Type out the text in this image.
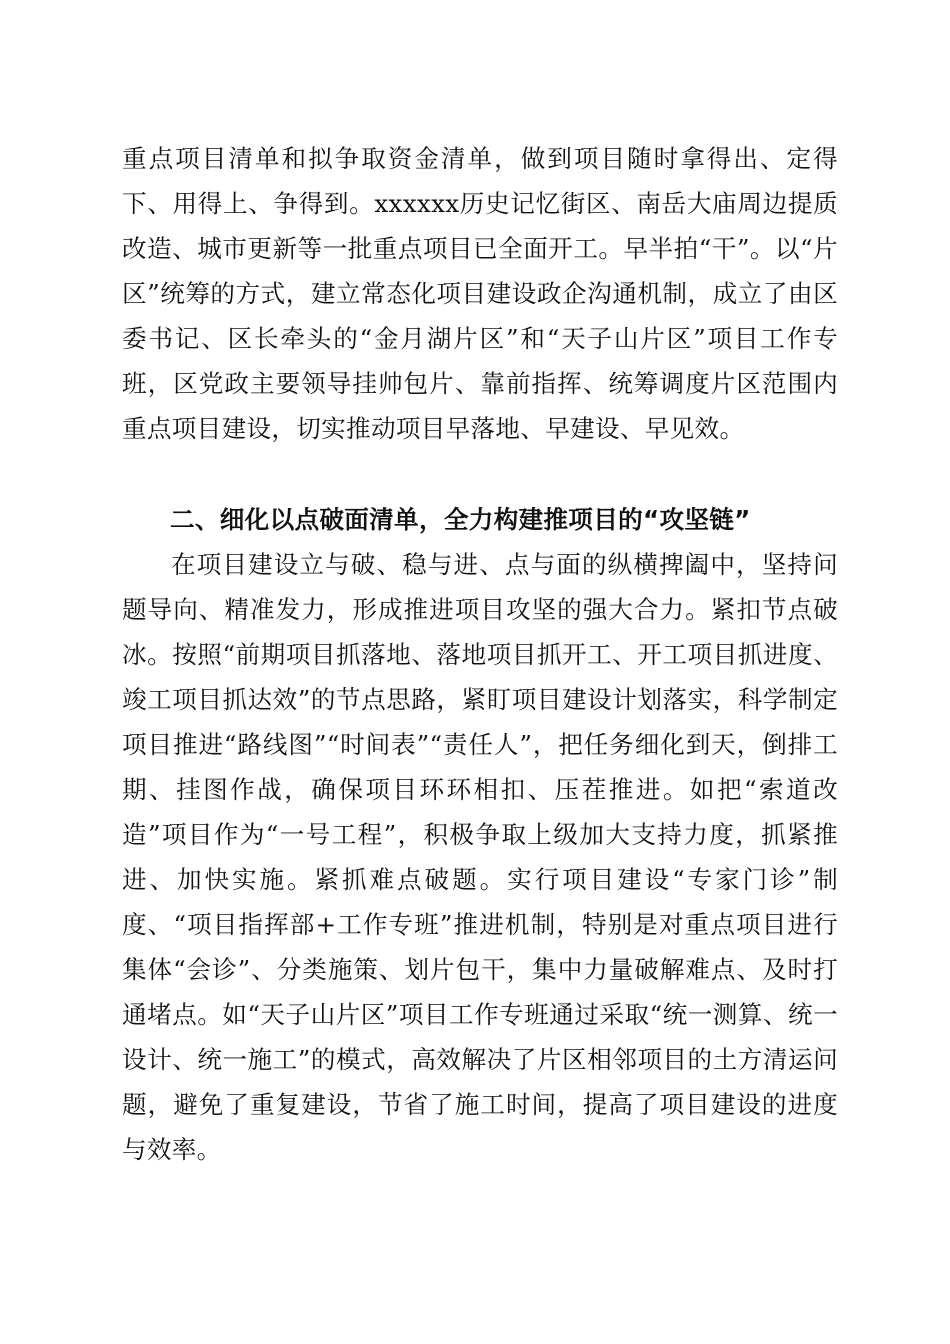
重点项目清单和拟争取资金清单，做到项目随时拿得出、定得下、用得上、争得到。xxxxxx历史记忆街区、南岳大庙周边提质改造、城市更新等一批重点项目已全面开工。早半拍“干”。以“片区”统筹的方式，建立常态化项目建设政企沟通机制，成立了由区委书记、区长牵头的“金月湖片区”和“天子山片区”项目工作专班，区党政主要领导挂帅包片、靠前指挥、统筹调度片区范围内重点项目建设，切实推动项目早落地、早建设、早见效。
二、细化以点破面清单，全力构建推项目的“攻坚链”
在项目建设立与破、稳与进、点与面的纵横捭阖中，坚持问题导向、精准发力，形成推进项目攻坚的强大合力。紧扣节点破冰。按照“前期项目抓落地、落地项目抓开工、开工项目抓进度、竣工项目抓达效”的节点思路，紧盯项目建设计划落实，科学制定项目推进“路线图”“时间表”“责任人”，把任务细化到天，倒排工期、挂图作战，确保项目环环相扣、压茬推进。如把“索道改造”项目作为“一号工程”，积极争取上级加大支持力度，抓紧推进、加快实施。紧抓难点破题。实行项目建设“专家门诊”制度、“项目指挥部+工作专班”推进机制，特别是对重点项目进行集体“会诊”、分类施策、划片包干，集中力量破解难点、及时打通堵点。如“天子山片区”项目工作专班通过采取“统一测算、统一设计、统一施工”的模式，高效解决了片区相邻项目的土方清运问题，避免了重复建设，节省了施工时间，提高了项目建设的进度与效率。
